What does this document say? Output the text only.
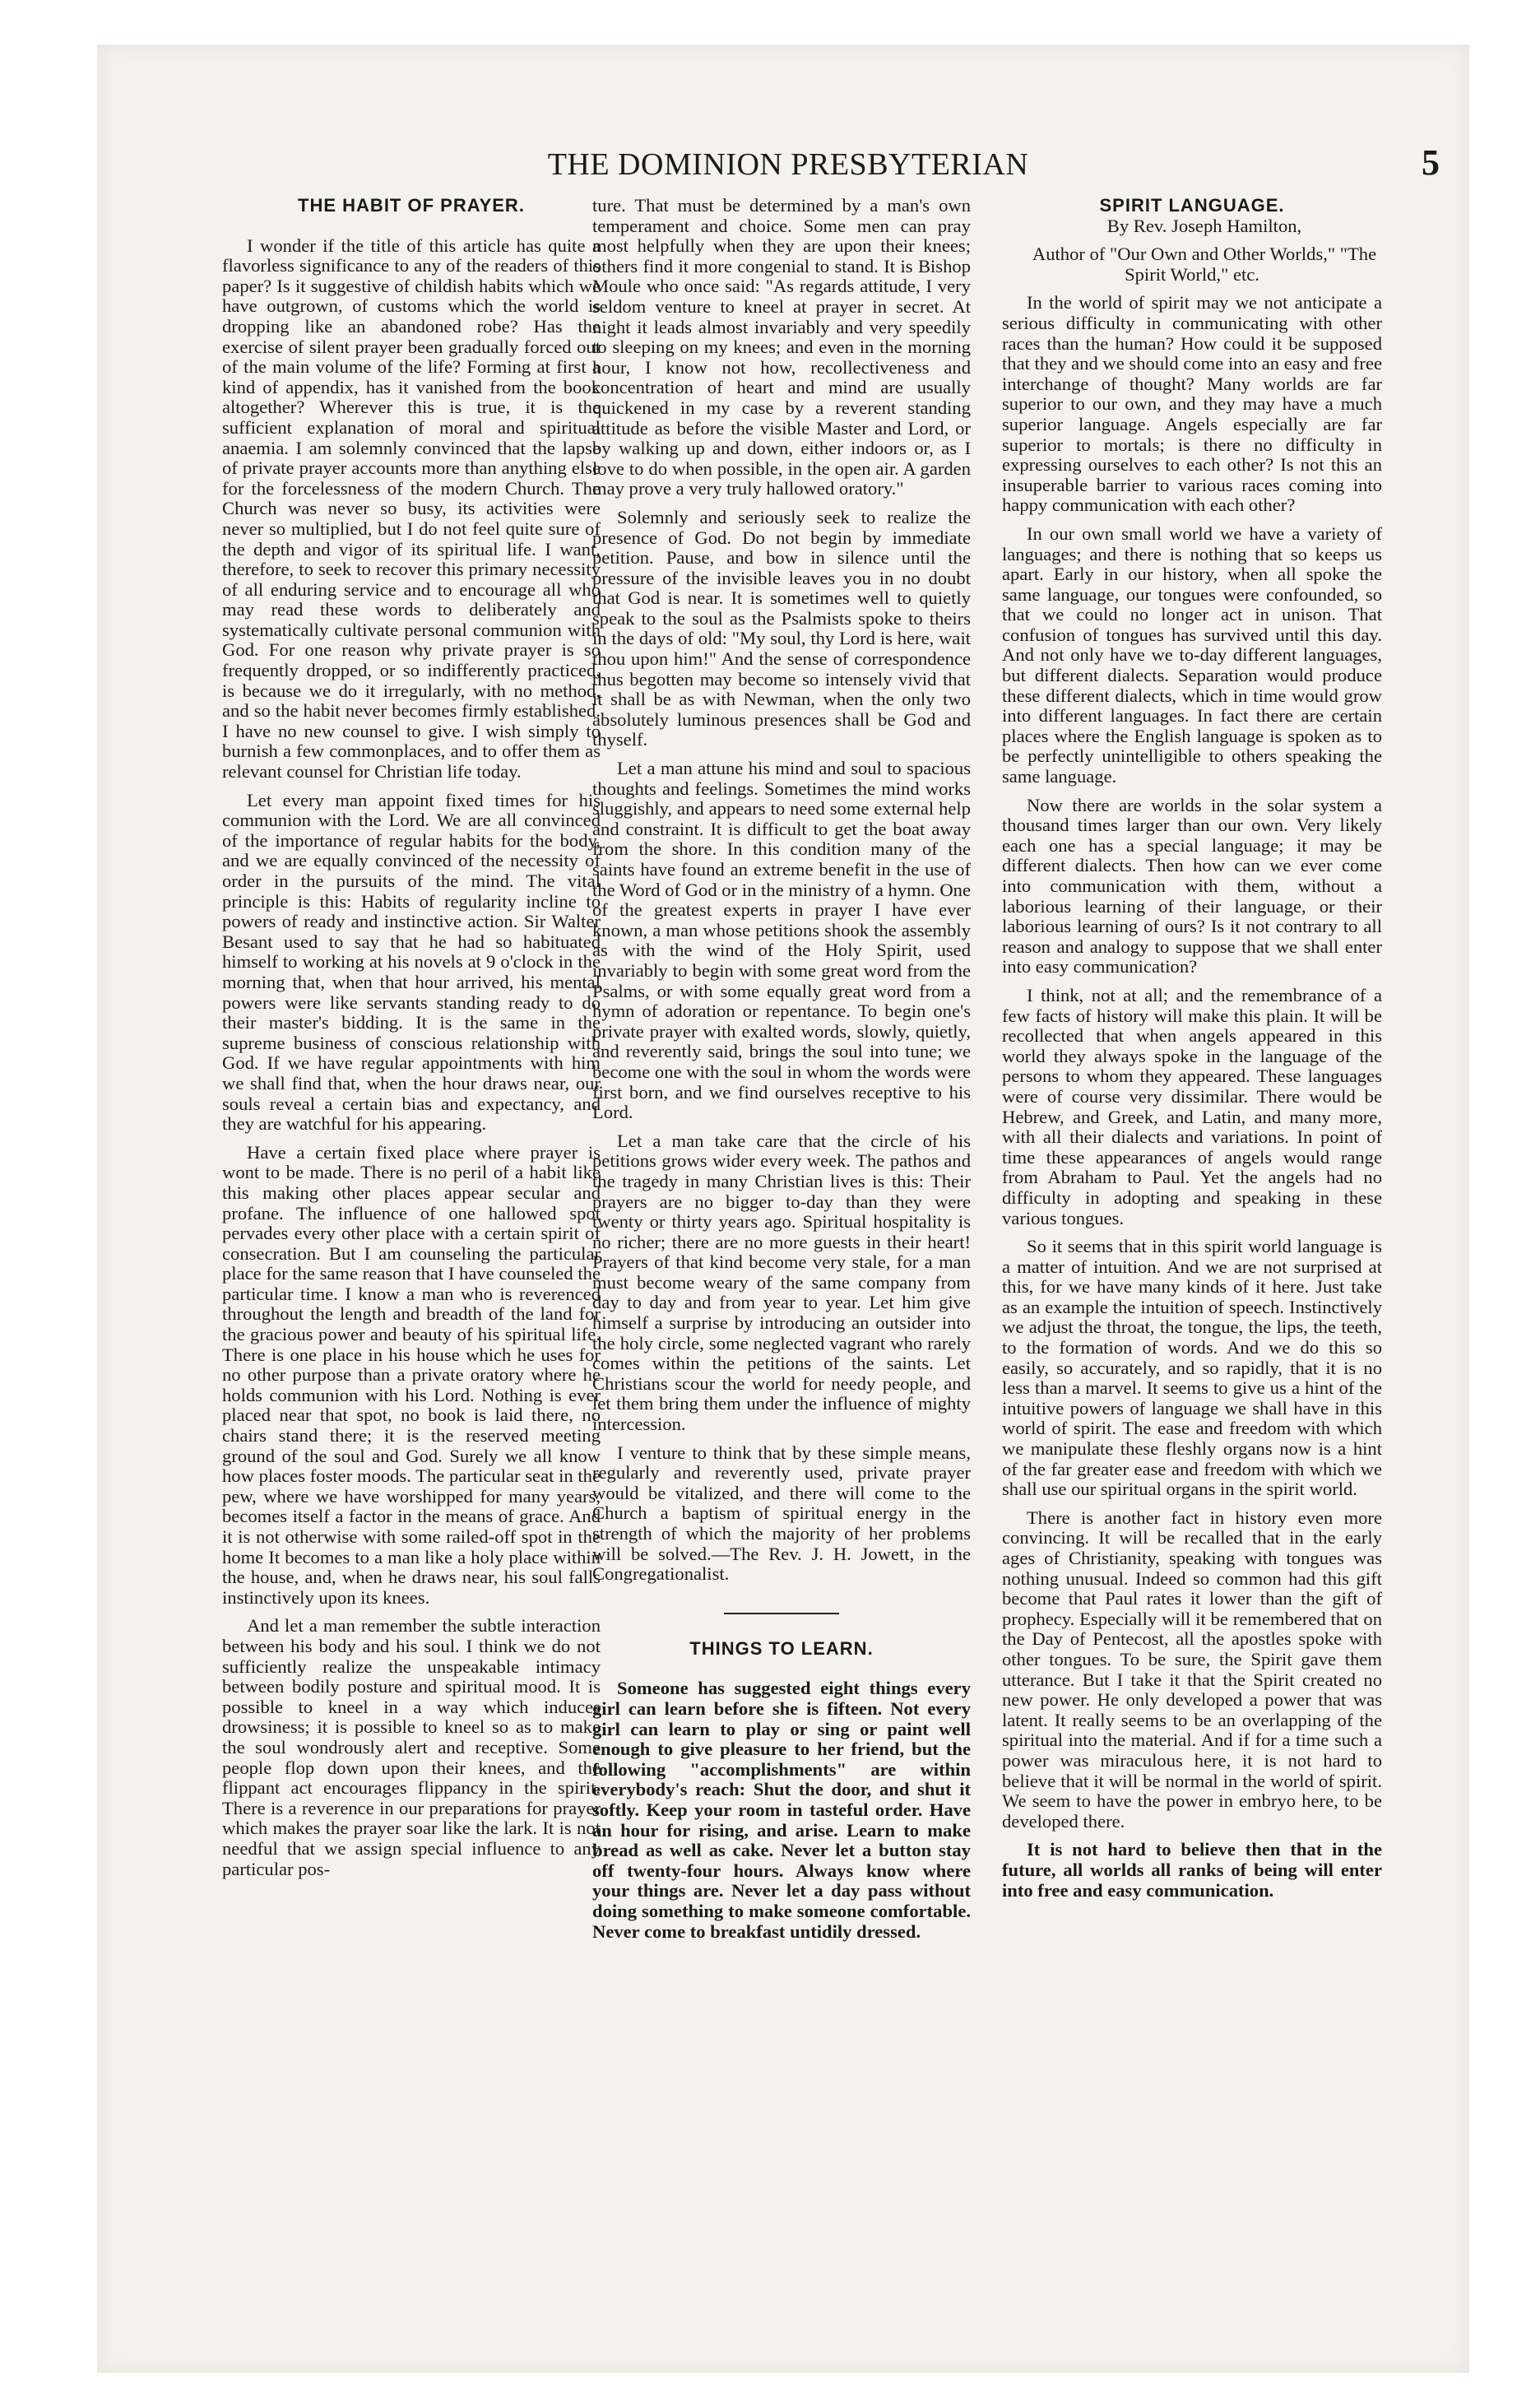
THE DOMINION PRESBYTERIAN	5
THE HABIT OF PRAYER.

I wonder if the title of this article has quite a flavorless significance to any of the readers of this paper? Is it suggestive of childish habits which we have outgrown, of customs which the world is dropping like an abandoned robe? Has the exercise of silent prayer been gradually forced out of the main volume of the life? Forming at first a kind of appendix, has it vanished from the book altogether? Wherever this is true, it is the sufficient explanation of moral and spiritual anaemia. I am solemnly convinced that the lapse of private prayer accounts more than anything else for the forcelessness of the modern Church. The Church was never so busy, its activities were never so multiplied, but I do not feel quite sure of the depth and vigor of its spiritual life. I want, therefore, to seek to recover this primary necessity of all enduring service and to encourage all who may read these words to deliberately and systematically cultivate personal communion with God. For one reason why private prayer is so frequently dropped, or so indifferently practiced, is because we do it irregularly, with no method, and so the habit never becomes firmly established. I have no new counsel to give. I wish simply to burnish a few commonplaces, and to offer them as relevant counsel for Christian life today.

Let every man appoint fixed times for his communion with the Lord. We are all convinced of the importance of regular habits for the body, and we are equally convinced of the necessity of order in the pursuits of the mind. The vital principle is this: Habits of regularity incline to powers of ready and instinctive action. Sir Walter Besant used to say that he had so habituated himself to working at his novels at 9 o'clock in the morning that, when that hour arrived, his mental powers were like servants standing ready to do their master's bidding. It is the same in the supreme business of conscious relationship with God. If we have regular appointments with him we shall find that, when the hour draws near, our souls reveal a certain bias and expectancy, and they are watchful for his appearing.

Have a certain fixed place where prayer is wont to be made. There is no peril of a habit like this making other places appear secular and profane. The influence of one hallowed spot pervades every other place with a certain spirit of consecration. But I am counseling the particular place for the same reason that I have counseled the particular time. I know a man who is reverenced throughout the length and breadth of the land for the gracious power and beauty of his spiritual life. There is one place in his house which he uses for no other purpose than a private oratory where he holds communion with his Lord. Nothing is ever placed near that spot, no book is laid there, no chairs stand there; it is the reserved meeting ground of the soul and God. Surely we all know how places foster moods. The particular seat in the pew, where we have worshipped for many years, becomes itself a factor in the means of grace. And it is not otherwise with some railed-off spot in the home It becomes to a man like a holy place within the house, and, when he draws near, his soul falls instinctively upon its knees.

And let a man remember the subtle interaction between his body and his soul. I think we do not sufficiently realize the unspeakable intimacy between bodily posture and spiritual mood. It is possible to kneel in a way which induces drowsiness; it is possible to kneel so as to make the soul wondrously alert and receptive. Some people flop down upon their knees, and the flippant act encourages flippancy in the spirit. There is a reverence in our preparations for prayer which makes the prayer soar like the lark. It is not needful that we assign special influence to any particular pos-

ture. That must be determined by a man's own temperament and choice. Some men can pray most helpfully when they are upon their knees; others find it more congenial to stand. It is Bishop Moule who once said: "As regards attitude, I very seldom venture to kneel at prayer in secret. At night it leads almost invariably and very speedily to sleeping on my knees; and even in the morning hour, I know not how, recollectiveness and concentration of heart and mind are usually quickened in my case by a reverent standing attitude as before the visible Master and Lord, or by walking up and down, either indoors or, as I love to do when possible, in the open air. A garden may prove a very truly hallowed oratory."

Solemnly and seriously seek to realize the presence of God. Do not begin by immediate petition. Pause, and bow in silence until the pressure of the invisible leaves you in no doubt that God is near. It is sometimes well to quietly speak to the soul as the Psalmists spoke to theirs in the days of old: "My soul, thy Lord is here, wait thou upon him!" And the sense of correspondence thus begotten may become so intensely vivid that it shall be as with Newman, when the only two absolutely luminous presences shall be God and thyself.

Let a man attune his mind and soul to spacious thoughts and feelings. Sometimes the mind works sluggishly, and appears to need some external help and constraint. It is difficult to get the boat away from the shore. In this condition many of the saints have found an extreme benefit in the use of the Word of God or in the ministry of a hymn. One of the greatest experts in prayer I have ever known, a man whose petitions shook the assembly as with the wind of the Holy Spirit, used invariably to begin with some great word from the Psalms, or with some equally great word from a hymn of adoration or repentance. To begin one's private prayer with exalted words, slowly, quietly, and reverently said, brings the soul into tune; we become one with the soul in whom the words were first born, and we find ourselves receptive to his Lord.

Let a man take care that the circle of his petitions grows wider every week. The pathos and the tragedy in many Christian lives is this: Their prayers are no bigger to-day than they were twenty or thirty years ago. Spiritual hospitality is no richer; there are no more guests in their heart! Prayers of that kind become very stale, for a man must become weary of the same company from day to day and from year to year. Let him give himself a surprise by introducing an outsider into the holy circle, some neglected vagrant who rarely comes within the petitions of the saints. Let Christians scour the world for needy people, and let them bring them under the influence of mighty intercession.

I venture to think that by these simple means, regularly and reverently used, private prayer would be vitalized, and there will come to the Church a baptism of spiritual energy in the strength of which the majority of her problems will be solved.—The Rev. J. H. Jowett, in the Congregationalist.

THINGS TO LEARN.

Someone has suggested eight things every girl can learn before she is fifteen. Not every girl can learn to play or sing or paint well enough to give pleasure to her friend, but the following "accomplishments" are within everybody's reach: Shut the door, and shut it softly. Keep your room in tasteful order. Have an hour for rising, and arise. Learn to make bread as well as cake. Never let a button stay off twenty-four hours. Always know where your things are. Never let a day pass without doing something to make someone comfortable. Never come to breakfast untidily dressed.

SPIRIT LANGUAGE.

By Rev. Joseph Hamilton,

Author of "Our Own and Other Worlds," "The Spirit World," etc.

In the world of spirit may we not anticipate a serious difficulty in communicating with other races than the human? How could it be supposed that they and we should come into an easy and free interchange of thought? Many worlds are far superior to our own, and they may have a much superior language. Angels especially are far superior to mortals; is there no difficulty in expressing ourselves to each other? Is not this an insuperable barrier to various races coming into happy communication with each other?

In our own small world we have a variety of languages; and there is nothing that so keeps us apart. Early in our history, when all spoke the same language, our tongues were confounded, so that we could no longer act in unison. That confusion of tongues has survived until this day. And not only have we to-day different languages, but different dialects. Separation would produce these different dialects, which in time would grow into different languages. In fact there are certain places where the English language is spoken as to be perfectly unintelligible to others speaking the same language.

Now there are worlds in the solar system a thousand times larger than our own. Very likely each one has a special language; it may be different dialects. Then how can we ever come into communication with them, without a laborious learning of their language, or their laborious learning of ours? Is it not contrary to all reason and analogy to suppose that we shall enter into easy communication?

I think, not at all; and the remembrance of a few facts of history will make this plain. It will be recollected that when angels appeared in this world they always spoke in the language of the persons to whom they appeared. These languages were of course very dissimilar. There would be Hebrew, and Greek, and Latin, and many more, with all their dialects and variations. In point of time these appearances of angels would range from Abraham to Paul. Yet the angels had no difficulty in adopting and speaking in these various tongues.

So it seems that in this spirit world language is a matter of intuition. And we are not surprised at this, for we have many kinds of it here. Just take as an example the intuition of speech. Instinctively we adjust the throat, the tongue, the lips, the teeth, to the formation of words. And we do this so easily, so accurately, and so rapidly, that it is no less than a marvel. It seems to give us a hint of the intuitive powers of language we shall have in this world of spirit. The ease and freedom with which we manipulate these fleshly organs now is a hint of the far greater ease and freedom with which we shall use our spiritual organs in the spirit world.

There is another fact in history even more convincing. It will be recalled that in the early ages of Christianity, speaking with tongues was nothing unusual. Indeed so common had this gift become that Paul rates it lower than the gift of prophecy. Especially will it be remembered that on the Day of Pentecost, all the apostles spoke with other tongues. To be sure, the Spirit gave them utterance. But I take it that the Spirit created no new power. He only developed a power that was latent. It really seems to be an overlapping of the spiritual into the material. And if for a time such a power was miraculous here, it is not hard to believe that it will be normal in the world of spirit. We seem to have the power in embryo here, to be developed there.

It is not hard to believe then that in the future, all worlds all ranks of being will enter into free and easy communication.
